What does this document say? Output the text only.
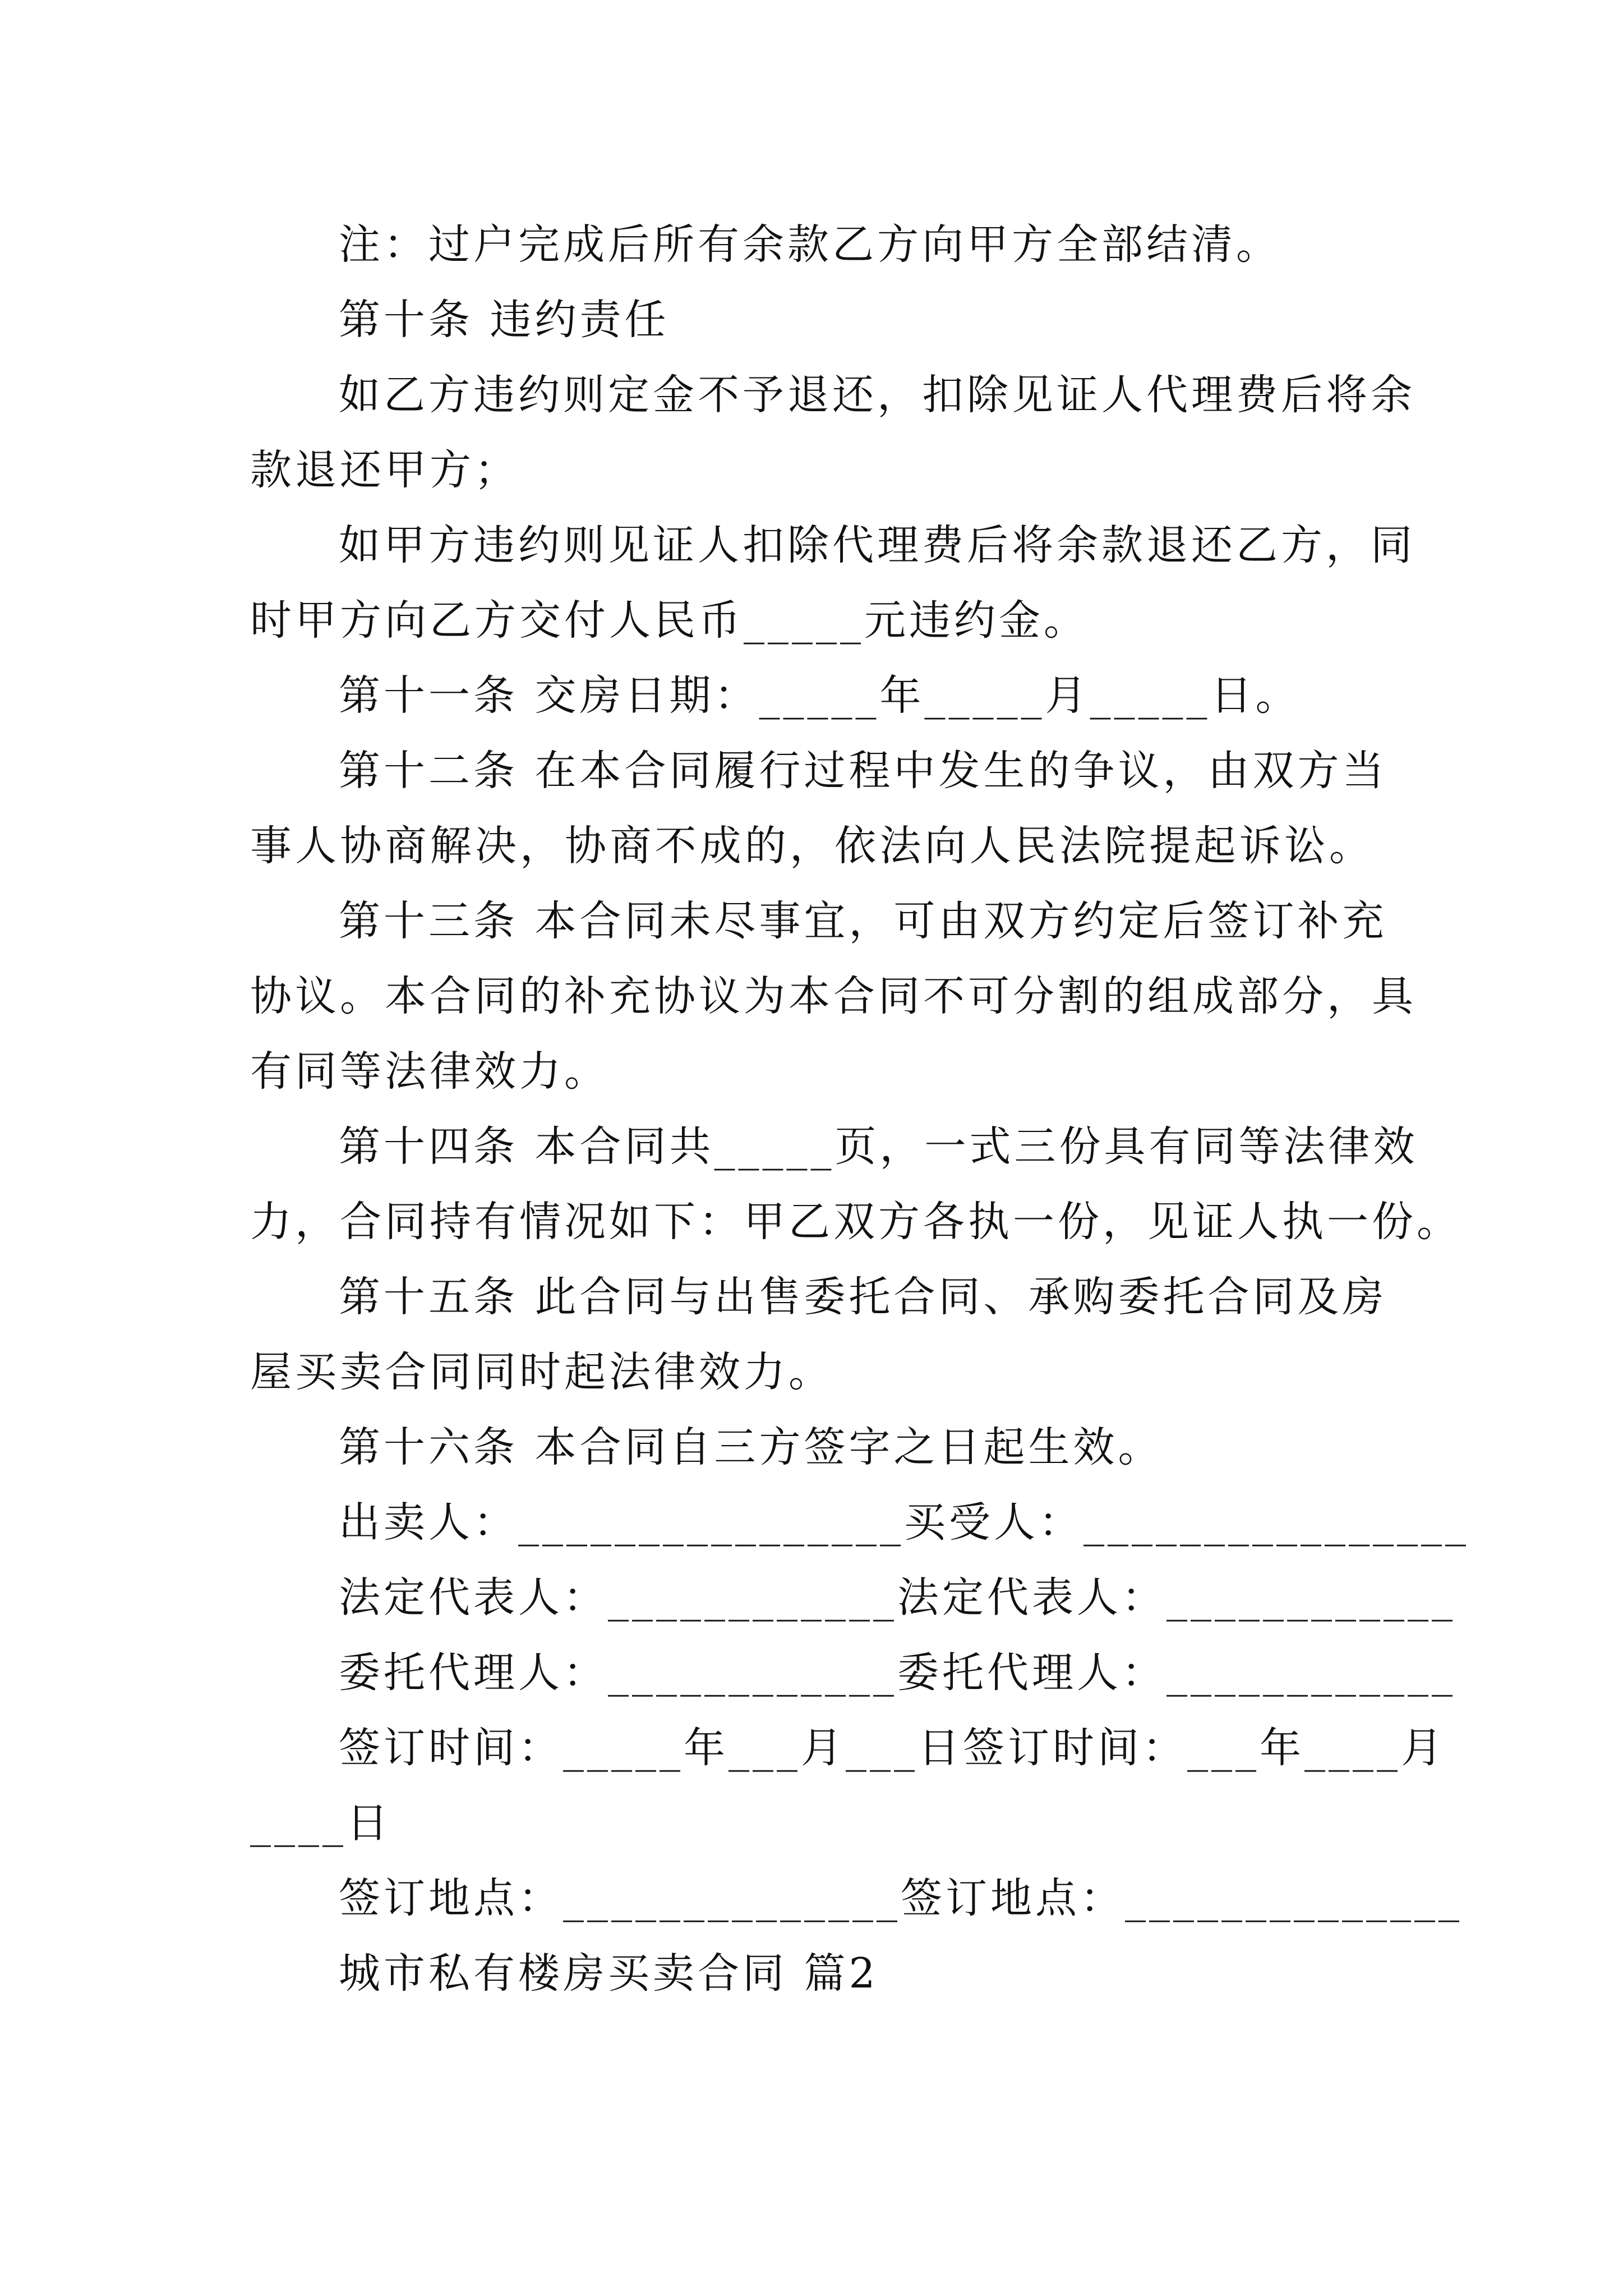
注：过户完成后所有余款乙方向甲方全部结清。
第十条 违约责任
如乙方违约则定金不予退还，扣除见证人代理费后将余
款退还甲方；
如甲方违约则见证人扣除代理费后将余款退还乙方，同
时甲方向乙方交付人民币_____元违约金。
第十一条 交房日期：_____年_____月_____日。
第十二条 在本合同履行过程中发生的争议，由双方当
事人协商解决，协商不成的，依法向人民法院提起诉讼。
第十三条 本合同未尽事宜，可由双方约定后签订补充
协议。本合同的补充协议为本合同不可分割的组成部分，具
有同等法律效力。
第十四条 本合同共_____页，一式三份具有同等法律效
力，合同持有情况如下：甲乙双方各执一份，见证人执一份。
第十五条 此合同与出售委托合同、承购委托合同及房
屋买卖合同同时起法律效力。
第十六条 本合同自三方签字之日起生效。
出卖人：________________买受人：________________
法定代表人：____________法定代表人：____________
委托代理人：____________委托代理人：____________
签订时间：_____年___月___日签订时间：___年____月
____日
签订地点：______________签订地点：______________
城市私有楼房买卖合同 篇2
